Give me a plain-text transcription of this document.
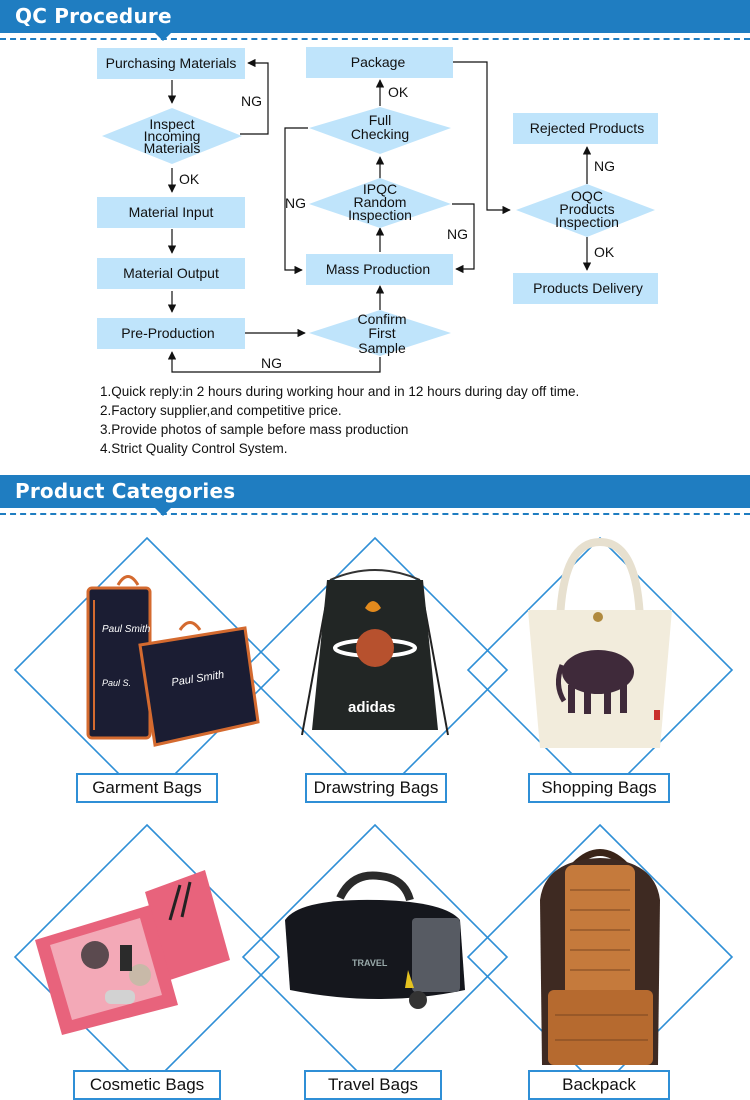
QC Procedure
Purchasing Materials
Material Input
Material Output
Pre-Production
Package
Mass Production
Rejected Products
Products Delivery
Inspect
Incoming
Materials
Full
Checking
IPQC
Random
Inspection
Confirm
First
Sample
OQC
Products
Inspection
NG
OK
OK
NG
NG
NG
NG
OK
1.Quick reply:in 2 hours during working hour and in 12 hours during day off time.
2.Factory supplier,and competitive price.
3.Provide photos of sample before mass production
4.Strict Quality Control System.
Product Categories
Paul Smith
Paul S.	Paul Smith
adidas
TRAVEL
Garment Bags	Drawstring Bags	Shopping Bags
Cosmetic Bags	Travel Bags	Backpack
